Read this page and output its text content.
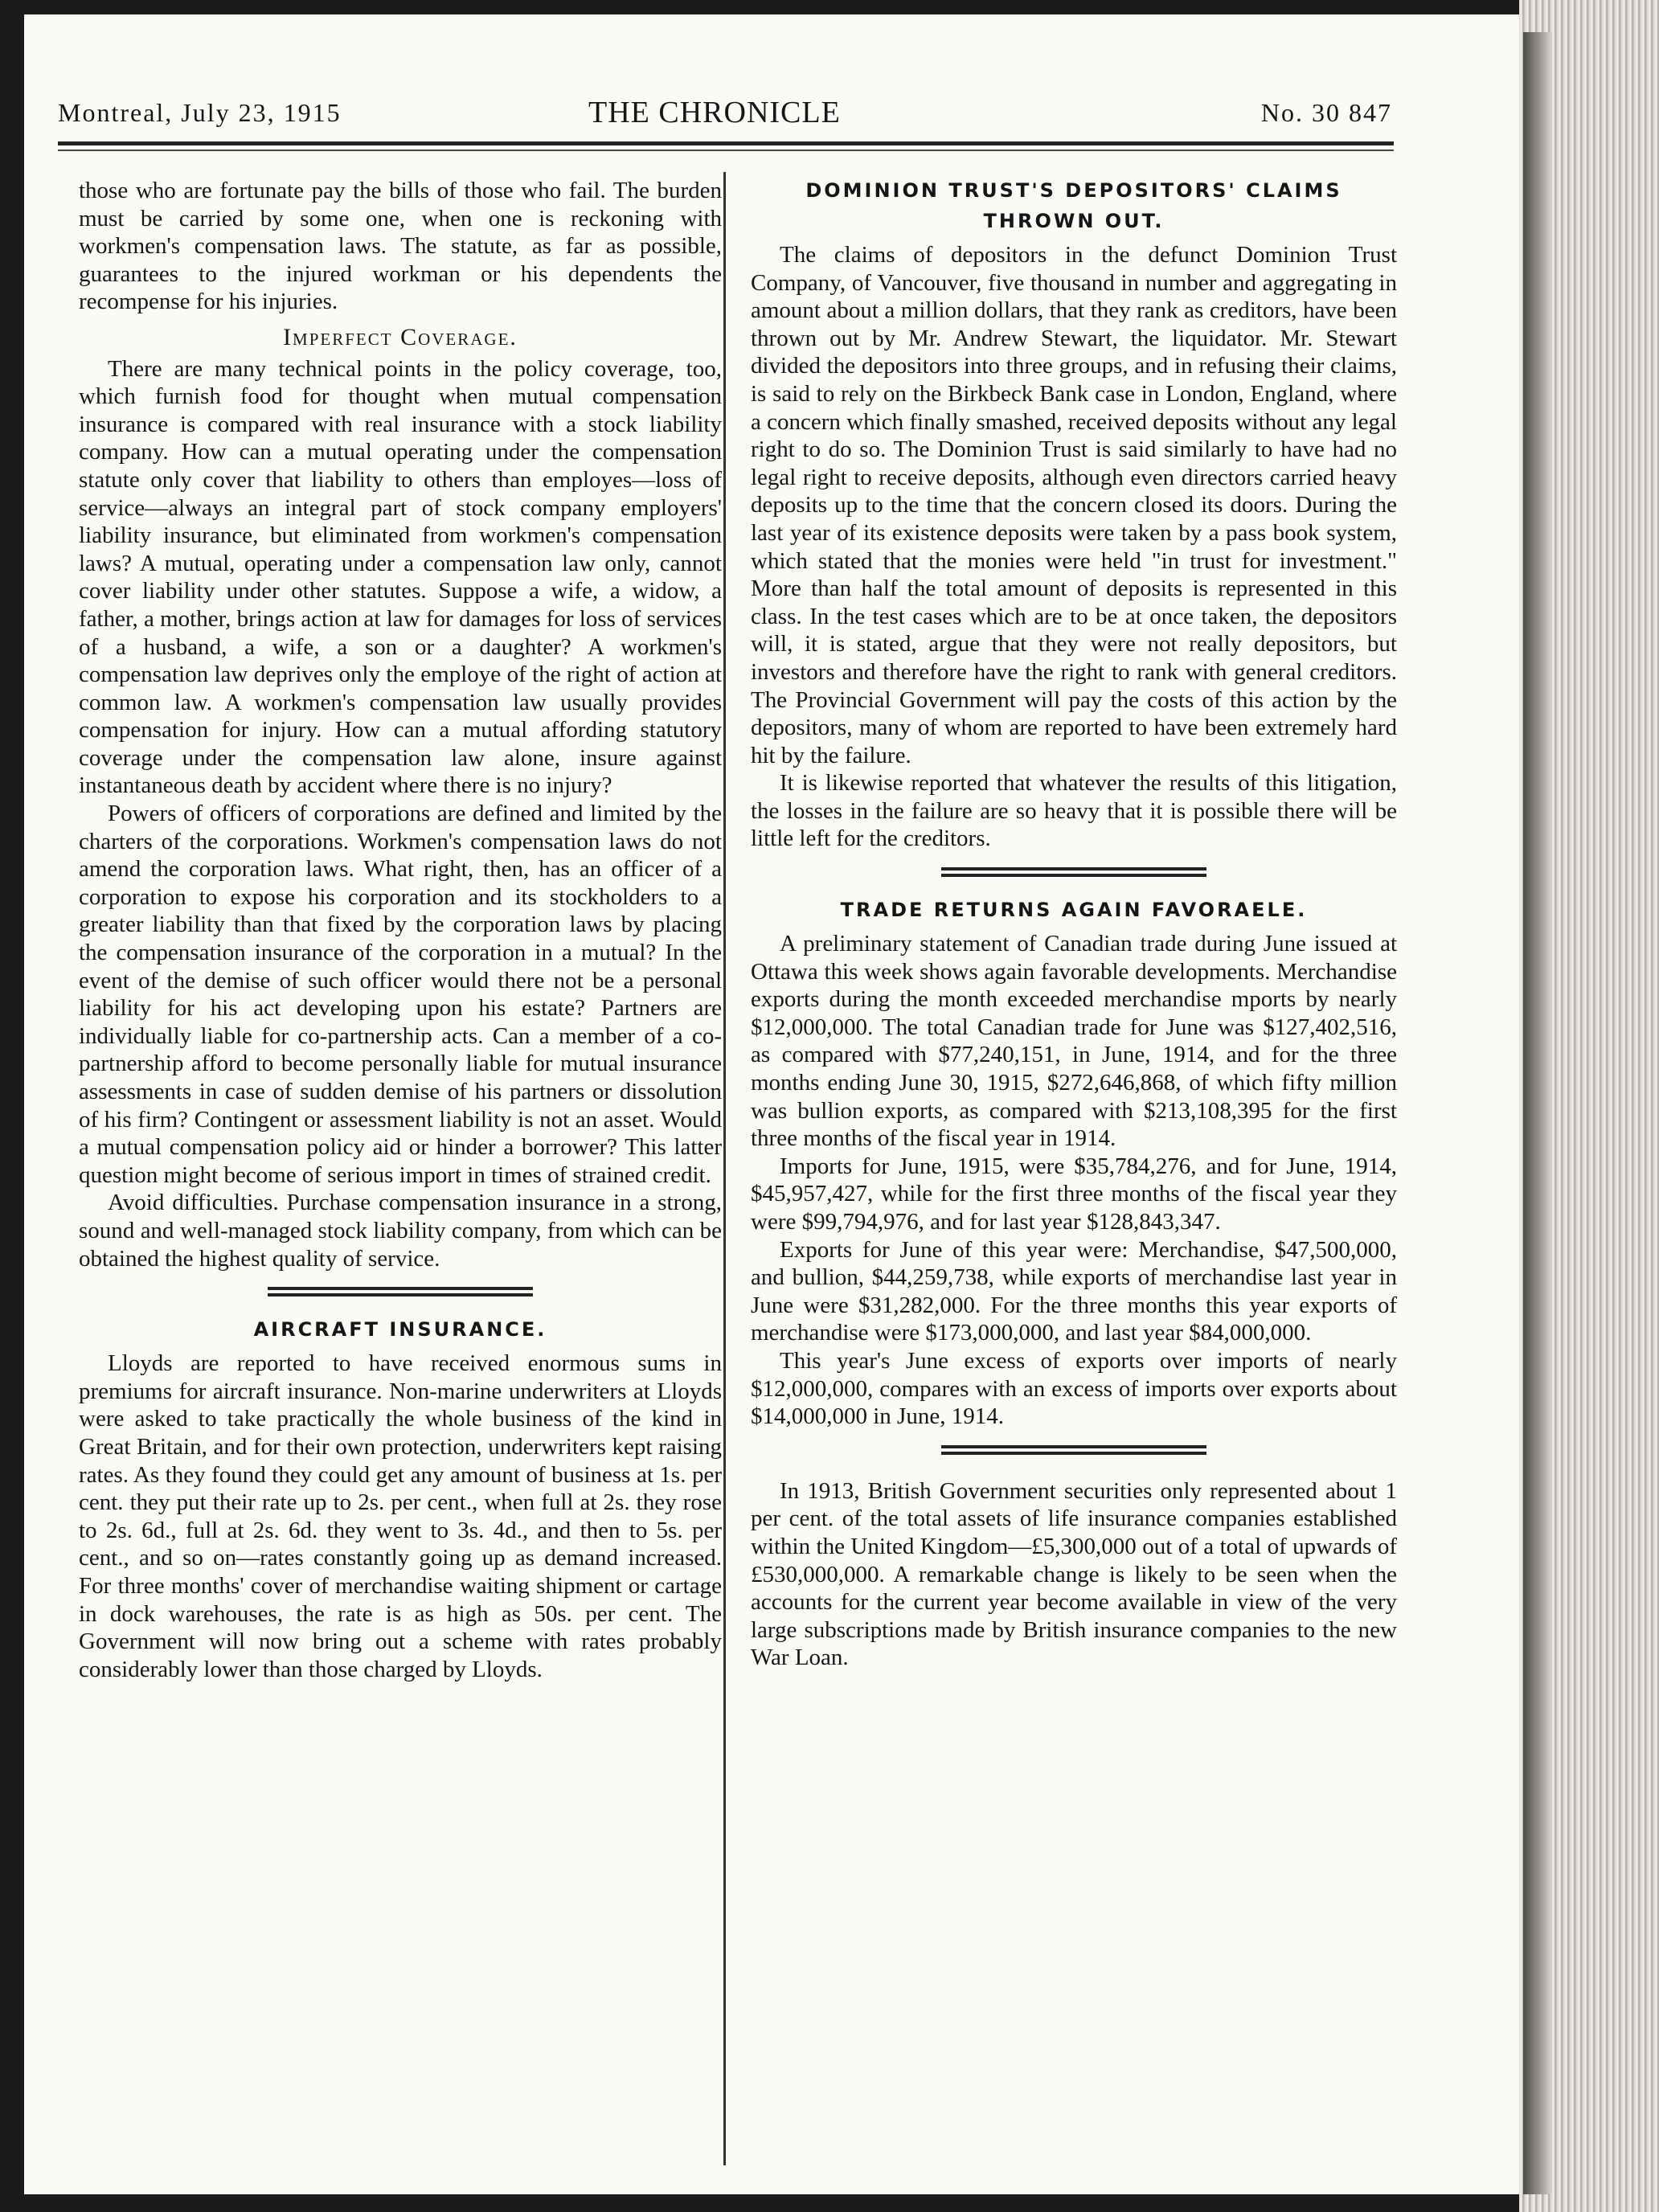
Montreal, July 23, 1915	THE CHRONICLE	No. 30 847

those who are fortunate pay the bills of those who fail. The burden must be carried by some one, when one is reckoning with workmen's compensation laws. The statute, as far as possible, guarantees to the injured workman or his dependents the recompense for his injuries.

Imperfect Coverage.

There are many technical points in the policy coverage, too, which furnish food for thought when mutual compensation insurance is compared with real insurance with a stock liability company. How can a mutual operating under the compensation statute only cover that liability to others than employes—loss of service—always an integral part of stock company employers' liability insurance, but eliminated from workmen's compensation laws? A mutual, operating under a compensation law only, cannot cover liability under other statutes. Suppose a wife, a widow, a father, a mother, brings action at law for damages for loss of services of a husband, a wife, a son or a daughter? A workmen's compensation law deprives only the employe of the right of action at common law. A workmen's compensation law usually provides compensation for injury. How can a mutual affording statutory coverage under the compensation law alone, insure against instantaneous death by accident where there is no injury?

Powers of officers of corporations are defined and limited by the charters of the corporations. Workmen's compensation laws do not amend the corporation laws. What right, then, has an officer of a corporation to expose his corporation and its stockholders to a greater liability than that fixed by the corporation laws by placing the compensation insurance of the corporation in a mutual? In the event of the demise of such officer would there not be a personal liability for his act developing upon his estate? Partners are individually liable for co-partnership acts. Can a member of a co-partnership afford to become personally liable for mutual insurance assessments in case of sudden demise of his partners or dissolution of his firm? Contingent or assessment liability is not an asset. Would a mutual compensation policy aid or hinder a borrower? This latter question might become of serious import in times of strained credit.

Avoid difficulties. Purchase compensation insurance in a strong, sound and well-managed stock liability company, from which can be obtained the highest quality of service.

AIRCRAFT INSURANCE.

Lloyds are reported to have received enormous sums in premiums for aircraft insurance. Non-marine underwriters at Lloyds were asked to take practically the whole business of the kind in Great Britain, and for their own protection, underwriters kept raising rates. As they found they could get any amount of business at 1s. per cent. they put their rate up to 2s. per cent., when full at 2s. they rose to 2s. 6d., full at 2s. 6d. they went to 3s. 4d., and then to 5s. per cent., and so on—rates constantly going up as demand increased. For three months' cover of merchandise waiting shipment or cartage in dock warehouses, the rate is as high as 50s. per cent. The Government will now bring out a scheme with rates probably considerably lower than those charged by Lloyds.

DOMINION TRUST'S DEPOSITORS' CLAIMS
THROWN OUT.

The claims of depositors in the defunct Dominion Trust Company, of Vancouver, five thousand in number and aggregating in amount about a million dollars, that they rank as creditors, have been thrown out by Mr. Andrew Stewart, the liquidator. Mr. Stewart divided the depositors into three groups, and in refusing their claims, is said to rely on the Birkbeck Bank case in London, England, where a concern which finally smashed, received deposits without any legal right to do so. The Dominion Trust is said similarly to have had no legal right to receive deposits, although even directors carried heavy deposits up to the time that the concern closed its doors. During the last year of its existence deposits were taken by a pass book system, which stated that the monies were held "in trust for investment." More than half the total amount of deposits is represented in this class. In the test cases which are to be at once taken, the depositors will, it is stated, argue that they were not really depositors, but investors and therefore have the right to rank with general creditors. The Provincial Government will pay the costs of this action by the depositors, many of whom are reported to have been extremely hard hit by the failure.

It is likewise reported that whatever the results of this litigation, the losses in the failure are so heavy that it is possible there will be little left for the creditors.

TRADE RETURNS AGAIN FAVORAELE.

A preliminary statement of Canadian trade during June issued at Ottawa this week shows again favorable developments. Merchandise exports during the month exceeded merchandise mports by nearly $12,000,000. The total Canadian trade for June was $127,402,516, as compared with $77,240,151, in June, 1914, and for the three months ending June 30, 1915, $272,646,868, of which fifty million was bullion exports, as compared with $213,108,395 for the first three months of the fiscal year in 1914.

Imports for June, 1915, were $35,784,276, and for June, 1914, $45,957,427, while for the first three months of the fiscal year they were $99,794,976, and for last year $128,843,347.

Exports for June of this year were: Merchandise, $47,500,000, and bullion, $44,259,738, while exports of merchandise last year in June were $31,282,000. For the three months this year exports of merchandise were $173,000,000, and last year $84,000,000.

This year's June excess of exports over imports of nearly $12,000,000, compares with an excess of imports over exports about $14,000,000 in June, 1914.

In 1913, British Government securities only represented about 1 per cent. of the total assets of life insurance companies established within the United Kingdom—£5,300,000 out of a total of upwards of £530,000,000. A remarkable change is likely to be seen when the accounts for the current year become available in view of the very large subscriptions made by British insurance companies to the new War Loan.
